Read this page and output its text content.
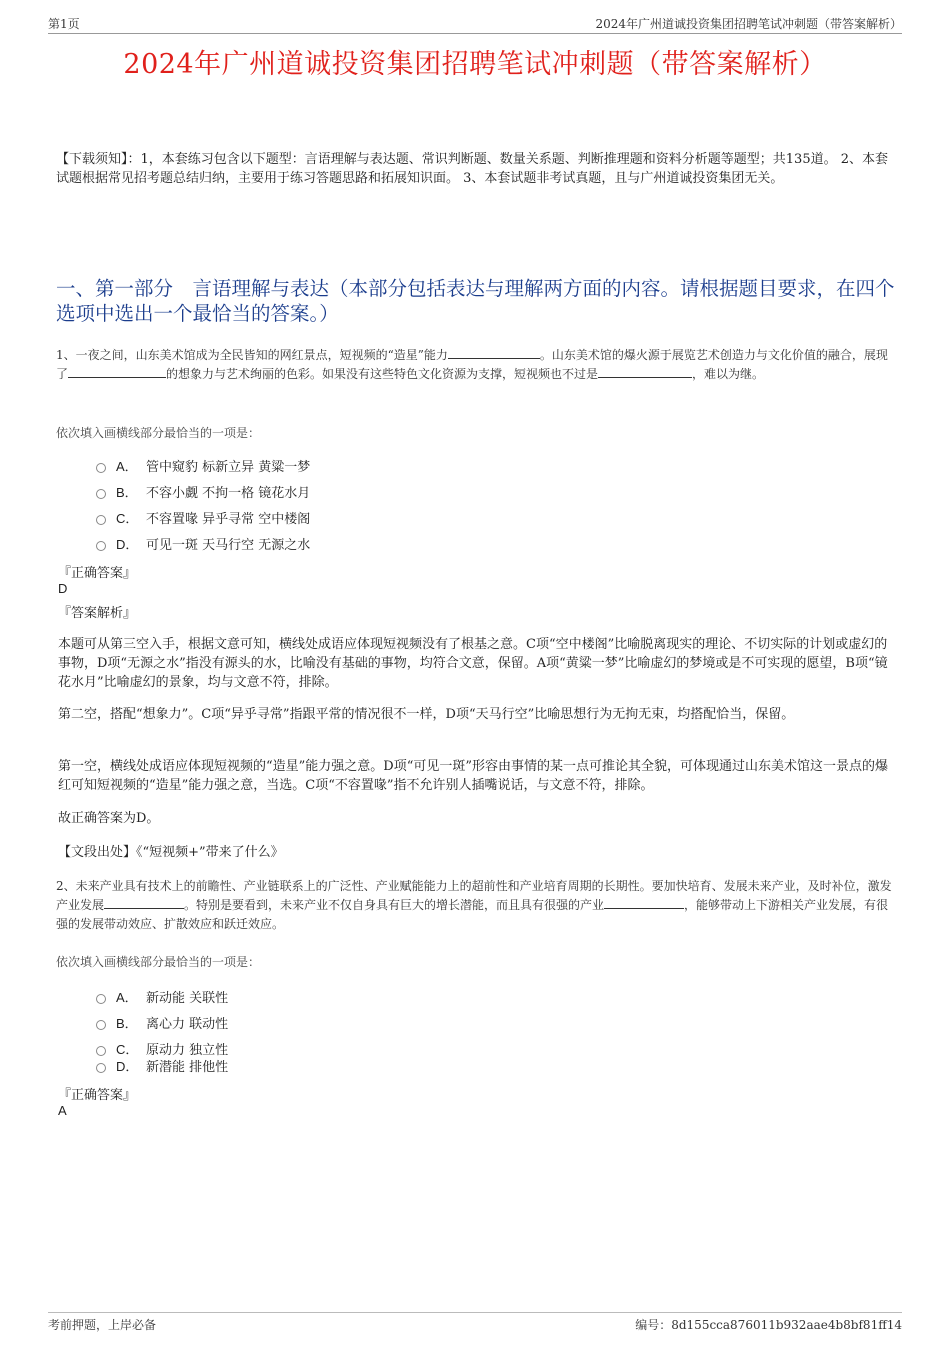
第1页	2024年广州道诚投资集团招聘笔试冲刺题（带答案解析）
2024年广州道诚投资集团招聘笔试冲刺题（带答案解析）
【下载须知】：1，本套练习包含以下题型：言语理解与表达题、常识判断题、数量关系题、判断推理题和资料分析题等题型；共135道。 2、本套试题根据常见招考题总结归纳，主要用于练习答题思路和拓展知识面。 3、本套试题非考试真题，且与广州道诚投资集团无关。
一、第一部分　言语理解与表达（本部分包括表达与理解两方面的内容。请根据题目要求，在四个选项中选出一个最恰当的答案。）
1、一夜之间，山东美术馆成为全民皆知的网红景点，短视频的“造星”能力	。山东美术馆的爆火源于展览艺术创造力与文化价值的融合，展现了	的想象力与艺术绚丽的色彩。如果没有这些特色文化资源为支撑，短视频也不过是	，难以为继。
依次填入画横线部分最恰当的一项是：
A． 管中窥豹 标新立异 黄粱一梦
B． 不容小觑 不拘一格 镜花水月
C． 不容置喙 异乎寻常 空中楼阁
D． 可见一斑 天马行空 无源之水
『正确答案』
D
『答案解析』
本题可从第三空入手，根据文意可知，横线处成语应体现短视频没有了根基之意。C项“空中楼阁”比喻脱离现实的理论、不切实际的计划或虚幻的事物，D项“无源之水”指没有源头的水，比喻没有基础的事物，均符合文意，保留。A项“黄粱一梦”比喻虚幻的梦境或是不可实现的愿望，B项“镜花水月”比喻虚幻的景象，均与文意不符，排除。
第二空，搭配“想象力”。C项“异乎寻常”指跟平常的情况很不一样，D项“天马行空”比喻思想行为无拘无束，均搭配恰当，保留。
第一空，横线处成语应体现短视频的“造星”能力强之意。D项“可见一斑”形容由事情的某一点可推论其全貌，可体现通过山东美术馆这一景点的爆红可知短视频的“造星”能力强之意，当选。C项“不容置喙”指不允许别人插嘴说话，与文意不符，排除。
故正确答案为D。
【文段出处】《“短视频+”带来了什么》
2、未来产业具有技术上的前瞻性、产业链联系上的广泛性、产业赋能能力上的超前性和产业培育周期的长期性。要加快培育、发展未来产业，及时补位，激发产业发展	。特别是要看到，未来产业不仅自身具有巨大的增长潜能，而且具有很强的产业	，能够带动上下游相关产业发展，有很强的发展带动效应、扩散效应和跃迁效应。
依次填入画横线部分最恰当的一项是：
A． 新动能 关联性
B． 离心力 联动性
C． 原动力 独立性
D． 新潜能 排他性
『正确答案』
A
考前押题，上岸必备	编号：8d155cca876011b932aae4b8bf81ff14
